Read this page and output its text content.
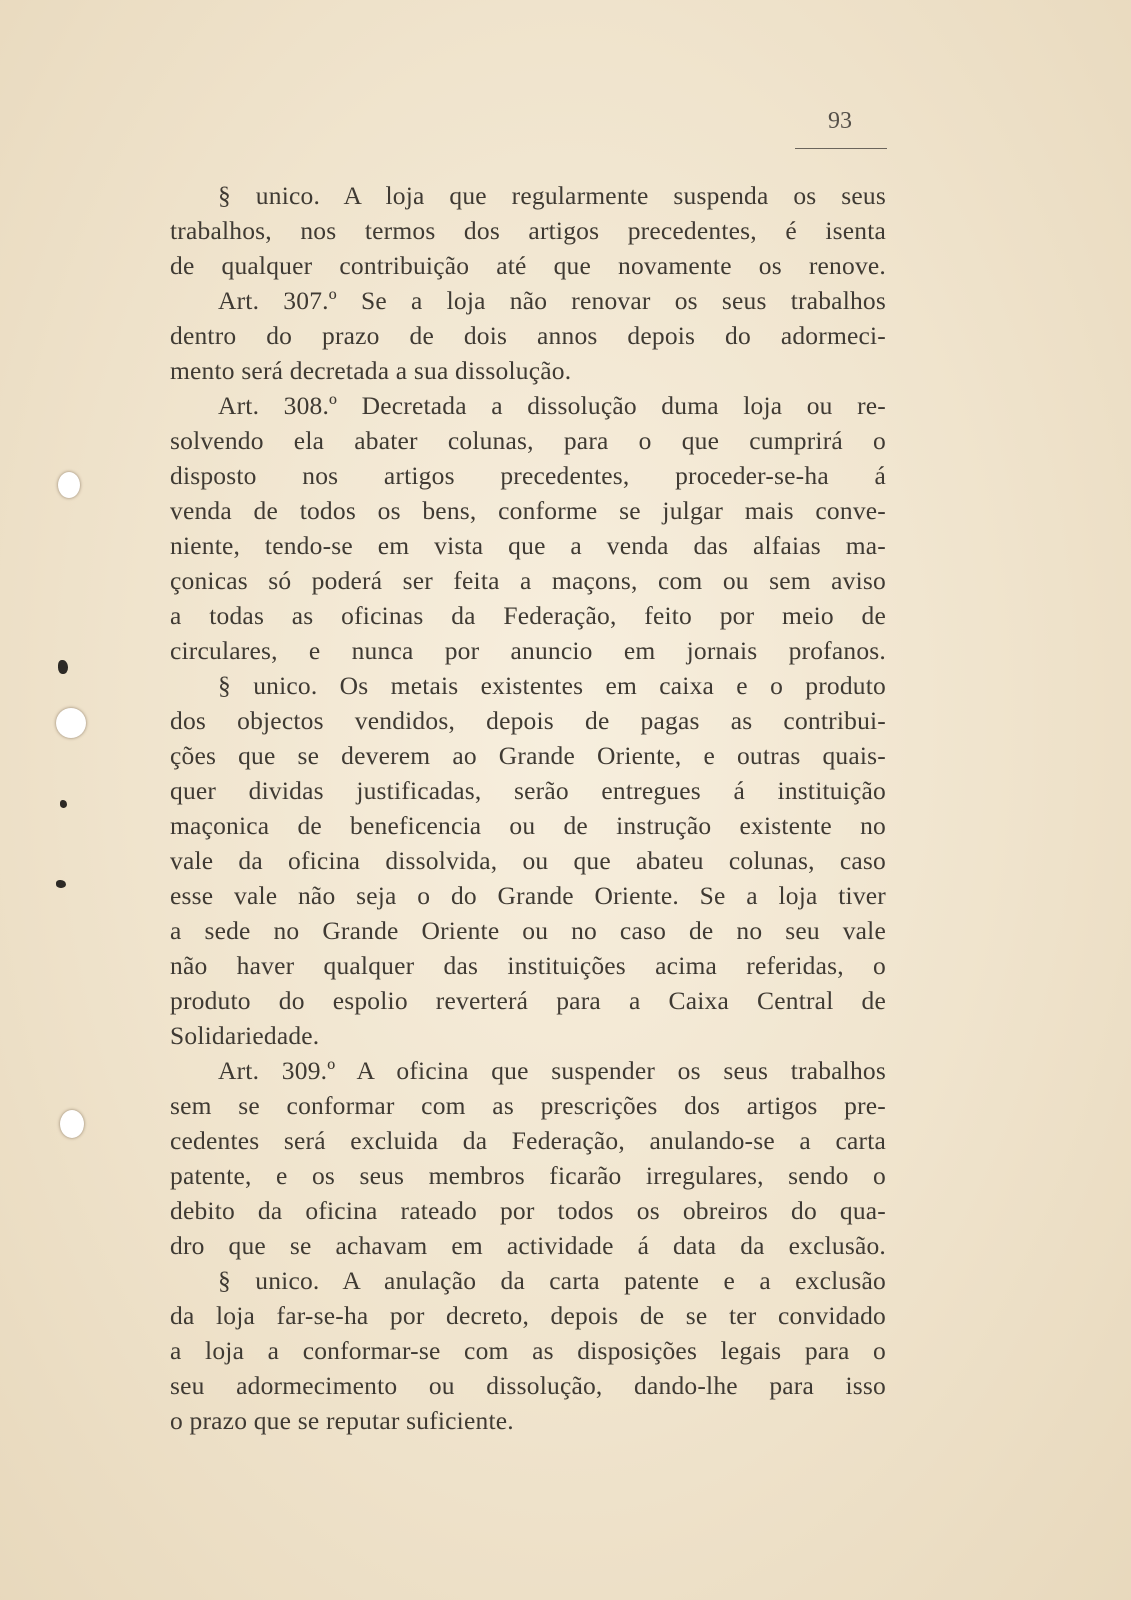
93
§ unico. A loja que regularmente suspenda os seus
trabalhos, nos termos dos artigos precedentes, é isenta
de qualquer contribuição até que novamente os renove.
Art. 307.º Se a loja não renovar os seus trabalhos
dentro do prazo de dois annos depois do adormeci-
mento será decretada a sua dissolução.
Art. 308.º Decretada a dissolução duma loja ou re-
solvendo ela abater colunas, para o que cumprirá o
disposto nos artigos precedentes, proceder-se-ha á
venda de todos os bens, conforme se julgar mais conve-
niente, tendo-se em vista que a venda das alfaias ma-
çonicas só poderá ser feita a maçons, com ou sem aviso
a todas as oficinas da Federação, feito por meio de
circulares, e nunca por anuncio em jornais profanos.
§ unico. Os metais existentes em caixa e o produto
dos objectos vendidos, depois de pagas as contribui-
ções que se deverem ao Grande Oriente, e outras quais-
quer dividas justificadas, serão entregues á instituição
maçonica de beneficencia ou de instrução existente no
vale da oficina dissolvida, ou que abateu colunas, caso
esse vale não seja o do Grande Oriente. Se a loja tiver
a sede no Grande Oriente ou no caso de no seu vale
não haver qualquer das instituições acima referidas, o
produto do espolio reverterá para a Caixa Central de
Solidariedade.
Art. 309.º A oficina que suspender os seus trabalhos
sem se conformar com as prescrições dos artigos pre-
cedentes será excluida da Federação, anulando-se a carta
patente, e os seus membros ficarão irregulares, sendo o
debito da oficina rateado por todos os obreiros do qua-
dro que se achavam em actividade á data da exclusão.
§ unico. A anulação da carta patente e a exclusão
da loja far-se-ha por decreto, depois de se ter convidado
a loja a conformar-se com as disposições legais para o
seu adormecimento ou dissolução, dando-lhe para isso
o prazo que se reputar suficiente.
